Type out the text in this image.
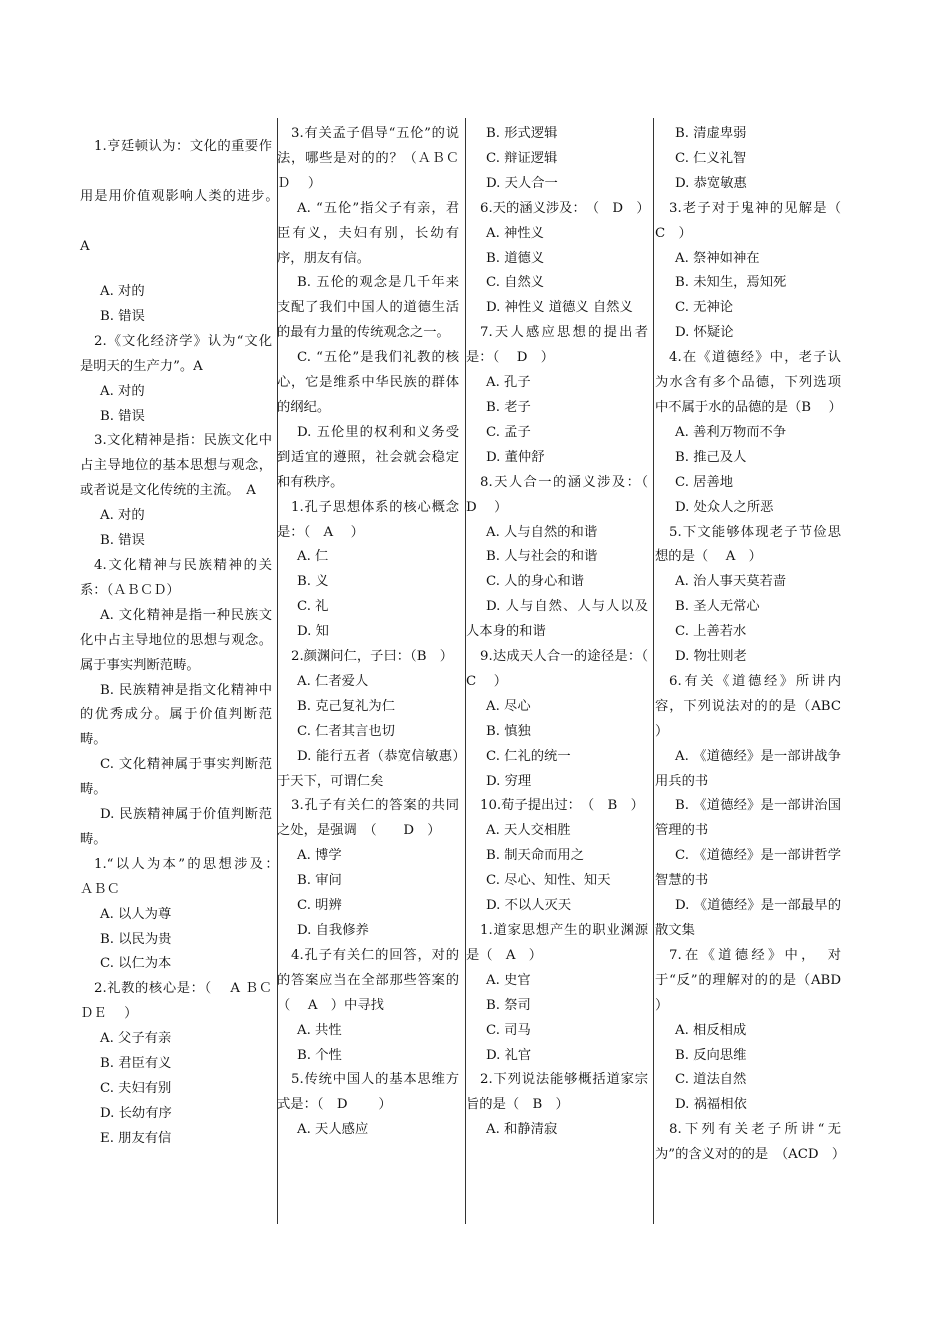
1.亨廷顿认为：文化的重要作用是用价值观影响人类的进步。　 A

A. 对的

B. 错误

2.《文化经济学》认为“文化是明天的生产力”。A

A. 对的

B. 错误

3.文化精神是指：民族文化中占主导地位的基本思想与观念，或者说是文化传统的主流。　A

A. 对的

B. 错误

4.文化精神与民族精神的关系：（ＡＢＣＤ）

A. 文化精神是指一种民族文化中占主导地位的思想与观念。属于事实判断范畴。

B. 民族精神是指文化精神中的优秀成分。属于价值判断范畴。

C. 文化精神属于事实判断范畴。

D. 民族精神属于价值判断范畴。

1.“以人为本”的思想涉及：　ＡＢＣ

A. 以人为尊

B. 以民为贵

C. 以仁为本

2.礼教的核心是：（　 A ＢＣＤＥ　 ）

A. 父子有亲

B. 君臣有义

C. 夫妇有别

D. 长幼有序

E. 朋友有信

3.有关孟子倡导“五伦”的说法，哪些是对的的？（ＡＢＣＤ　 ）

A. “五伦”指父子有亲，君臣有义，夫妇有别，长幼有序，朋友有信。

B. 五伦的观念是几千年来支配了我们中国人的道德生活的最有力量的传统观念之一。

C. “五伦”是我们礼教的核心，它是维系中华民族的群体的纲纪。

D. 五伦里的权利和义务受到适宜的遵照，社会就会稳定和有秩序。

1.孔子思想体系的核心概念是：（　A　 ）

A. 仁

B. 义

C. 礼

D. 知

2.颜渊问仁，子曰：（B　）

A. 仁者爱人

B. 克己复礼为仁

C. 仁者其言也切

D. 能行五者（恭宽信敏惠）于天下，可谓仁矣

3.孔子有关仁的答案的共同之处，是强调　（　　D　）

A. 博学

B. 审问

C. 明辨

D. 自我修养

4.孔子有关仁的回答，对的的答案应当在全部那些答案的（　 A　）中寻找

A. 共性

B. 个性

5.传统中国人的基本思维方式是：（　D　　 ）

A. 天人感应

B. 形式逻辑

C. 辩证逻辑

D. 天人合一

6.天的涵义涉及：　（　D　）

A. 神性义

B. 道德义

C. 自然义

D. 神性义 道德义 自然义

7.天人感应思想的提出者是：（　 D　）

A. 孔子

B. 老子

C. 孟子

D. 董仲舒

8.天人合一的涵义涉及：（　D　 ）

A. 人与自然的和谐

B. 人与社会的和谐

C. 人的身心和谐

D. 人与自然、人与人以及人本身的和谐

9.达成天人合一的途径是：（　 C　 ）

A. 尽心

B. 慎独

C. 仁礼的统一

D. 穷理

10.荀子提出过：　（　B　）

A. 天人交相胜

B. 制天命而用之

C. 尽心、知性、知天

D. 不以人灭天

1.道家思想产生的职业渊源是（　A　）

A. 史官

B. 祭司

C. 司马

D. 礼官

2.下列说法能够概括道家宗旨的是（　B　）

A. 和静清寂

B. 清虚卑弱

C. 仁义礼智

D. 恭宽敏惠

3.老子对于鬼神的见解是（　 C　）

A. 祭神如神在

B. 未知生，焉知死

C. 无神论

D. 怀疑论

4.在《道德经》中，老子认为水含有多个品德，下列选项中不属于水的品德的是（B　 ）

A. 善利万物而不争

B. 推己及人

C. 居善地

D. 处众人之所恶

5.下文能够体现老子节俭思想的是（　 A　）

A. 治人事天莫若啬

B. 圣人无常心

C. 上善若水

D. 物壮则老

6.有关《道德经》所讲内容，下列说法对的的是（ABC　 ）

A. 《道德经》是一部讲战争用兵的书

B. 《道德经》是一部讲治国管理的书

C. 《道德经》是一部讲哲学智慧的书

D. 《道德经》是一部最早的散文集

7.在《道德经》中，　对于“反”的理解对的的是（ABD　 ）

A. 相反相成

B. 反向思维

C. 道法自然

D. 祸福相依

8.下列有关老子所讲“无为”的含义对的的是　（ACD　）
